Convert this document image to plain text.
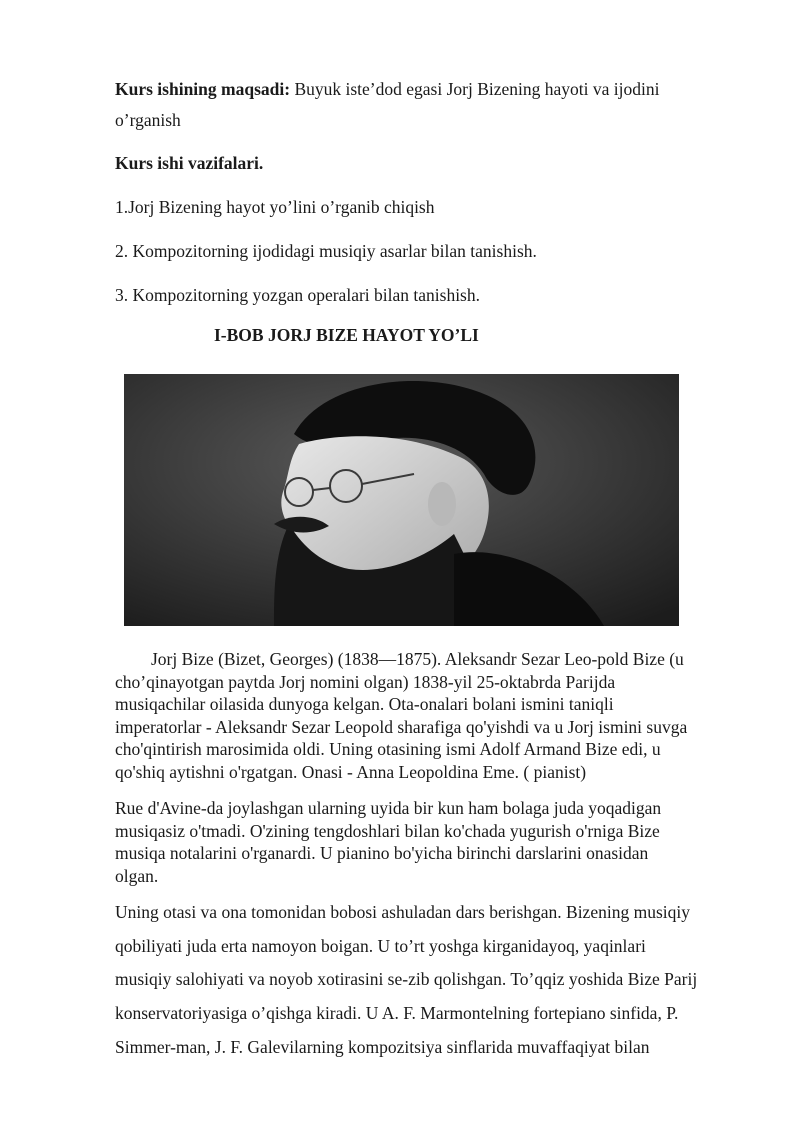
Kurs ishining maqsadi: Buyuk iste’dod egasi Jorj Bizening hayoti va ijodini
o’rganish
Kurs ishi vazifalari.
1.Jorj Bizening hayot yo’lini o’rganib chiqish
2. Kompozitorning ijodidagi musiqiy asarlar bilan tanishish.
3. Kompozitorning yozgan operalari bilan tanishish.
I-BOB JORJ BIZE HAYOT YO’LI

Jorj Bize (Bizet, Georges) (1838—1875). Aleksandr Sezar Leo-pold Bize (u

cho’qinayotgan paytda Jorj nomini olgan) 1838-yil 25-oktabrda Parijda

musiqachilar oilasida dunyoga kelgan. Ota-onalari bolani ismini taniqli

imperatorlar - Aleksandr Sezar Leopold sharafiga qo'yishdi va u Jorj ismini suvga

cho'qintirish marosimida oldi. Uning otasining ismi Adolf Armand Bize edi, u

qo'shiq aytishni o'rgatgan. Onasi - Anna Leopoldina Eme. ( pianist)

Rue d'Avine-da joylashgan ularning uyida bir kun ham bolaga juda yoqadigan

musiqasiz o'tmadi. O'zining tengdoshlari bilan ko'chada yugurish o'rniga Bize

musiqa notalarini o'rganardi. U pianino bo'yicha birinchi darslarini onasidan

olgan.

Uning otasi va ona tomonidan bobosi ashuladan dars berishgan. Bizening musiqiy

qobiliyati juda erta namoyon boigan. U to’rt yoshga kirganidayoq, yaqinlari

musiqiy salohiyati va noyob xotirasini se-zib qolishgan. To’qqiz yoshida Bize Parij

konservatoriyasiga o’qishga kiradi. U A. F. Marmontelning fortepiano sinfida, P.

Simmer-man, J. F. Galevilarning kompozitsiya sinflarida muvaffaqiyat bilan
